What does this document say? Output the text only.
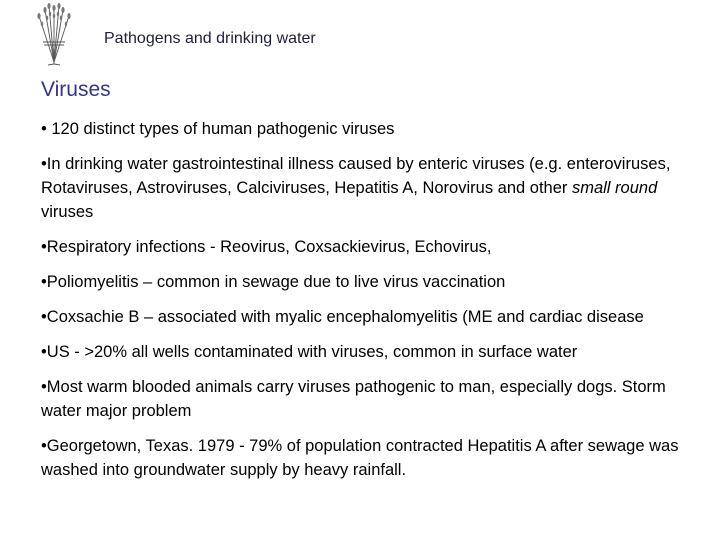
Pathogens and drinking water
Viruses
• 120 distinct types of human pathogenic viruses
•In drinking water gastrointestinal illness caused by enteric viruses (e.g. enteroviruses, Rotaviruses, Astroviruses, Calciviruses, Hepatitis A, Norovirus and other small round viruses
•Respiratory infections - Reovirus, Coxsackievirus, Echovirus,
•Poliomyelitis – common in sewage due to live virus vaccination
•Coxsachie B – associated with myalic encephalomyelitis (ME and cardiac disease
•US - >20% all wells contaminated with viruses, common in surface water
•Most warm blooded animals carry viruses pathogenic to man, especially dogs. Storm water major problem
•Georgetown, Texas. 1979 - 79% of population contracted Hepatitis A after sewage was washed into groundwater supply by heavy rainfall.
